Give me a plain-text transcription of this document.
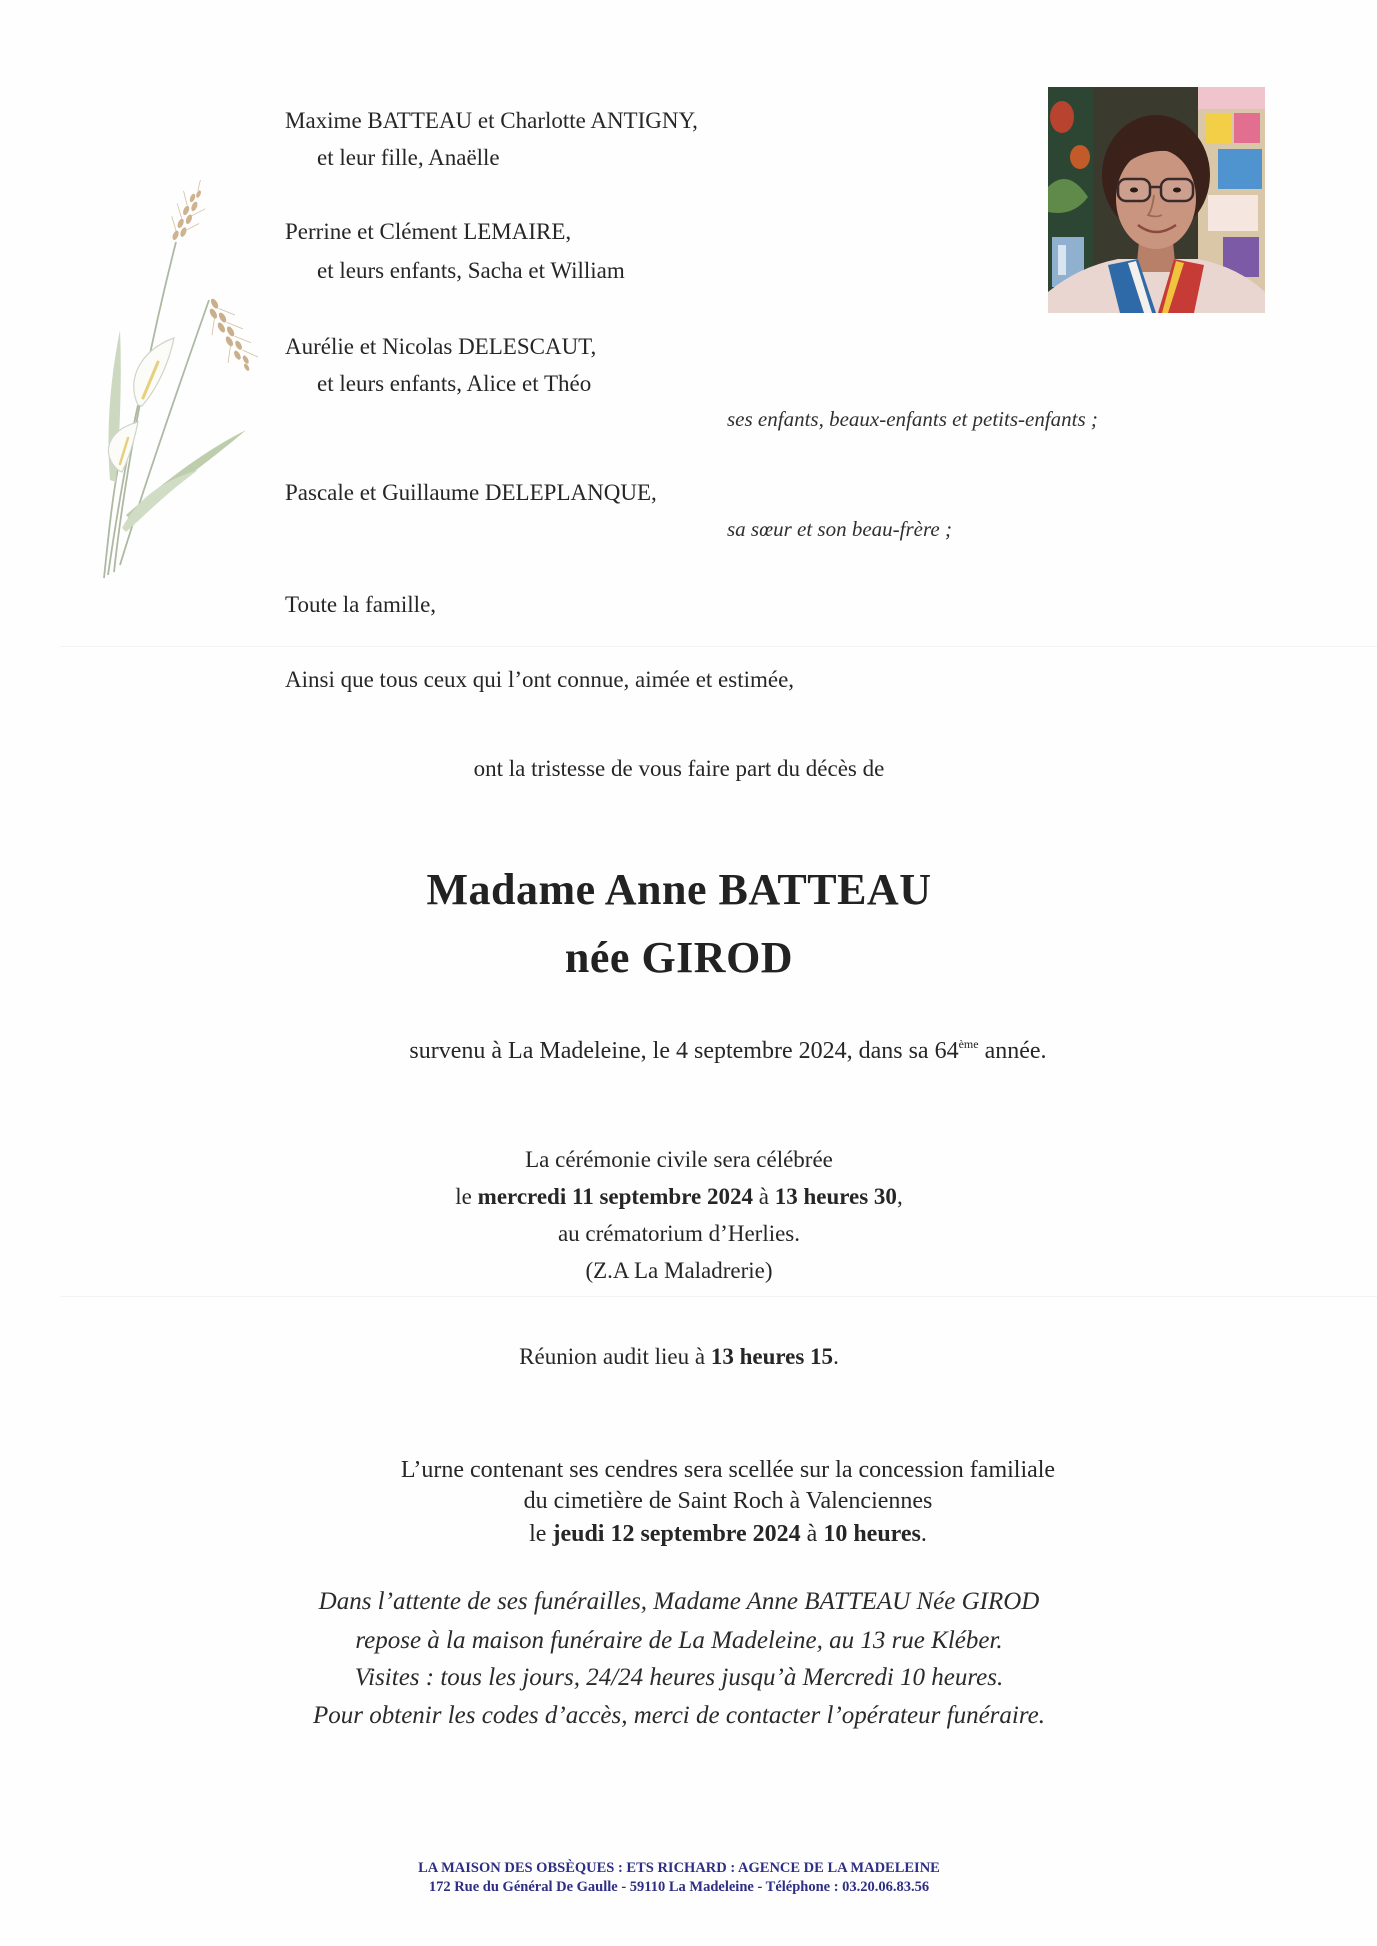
Maxime BATTEAU et Charlotte ANTIGNY,
et leur fille, Anaëlle
Perrine et Clément LEMAIRE,
et leurs enfants, Sacha et William
Aurélie et Nicolas DELESCAUT,
et leurs enfants, Alice et Théo
ses enfants, beaux-enfants et petits-enfants ;
Pascale et Guillaume DELEPLANQUE,
sa sœur et son beau-frère ;
Toute la famille,
Ainsi que tous ceux qui l’ont connue, aimée et estimée,
ont la tristesse de vous faire part du décès de
Madame Anne BATTEAU
née GIROD
survenu à La Madeleine, le 4 septembre 2024, dans sa 64ème année.
La cérémonie civile sera célébrée
le mercredi 11 septembre 2024 à 13 heures 30,
au crématorium d’Herlies.
(Z.A La Maladrerie)
Réunion audit lieu à 13 heures 15.
L’urne contenant ses cendres sera scellée sur la concession familiale
du cimetière de Saint Roch à Valenciennes
le jeudi 12 septembre 2024 à 10 heures.
Dans l’attente de ses funérailles, Madame Anne BATTEAU Née GIROD
repose à la maison funéraire de La Madeleine, au 13 rue Kléber.
Visites : tous les jours, 24/24 heures jusqu’à Mercredi 10 heures.
Pour obtenir les codes d’accès, merci de contacter l’opérateur funéraire.
LA MAISON DES OBSÈQUES : ETS RICHARD : AGENCE DE LA MADELEINE
172 Rue du Général De Gaulle - 59110 La Madeleine - Téléphone : 03.20.06.83.56
